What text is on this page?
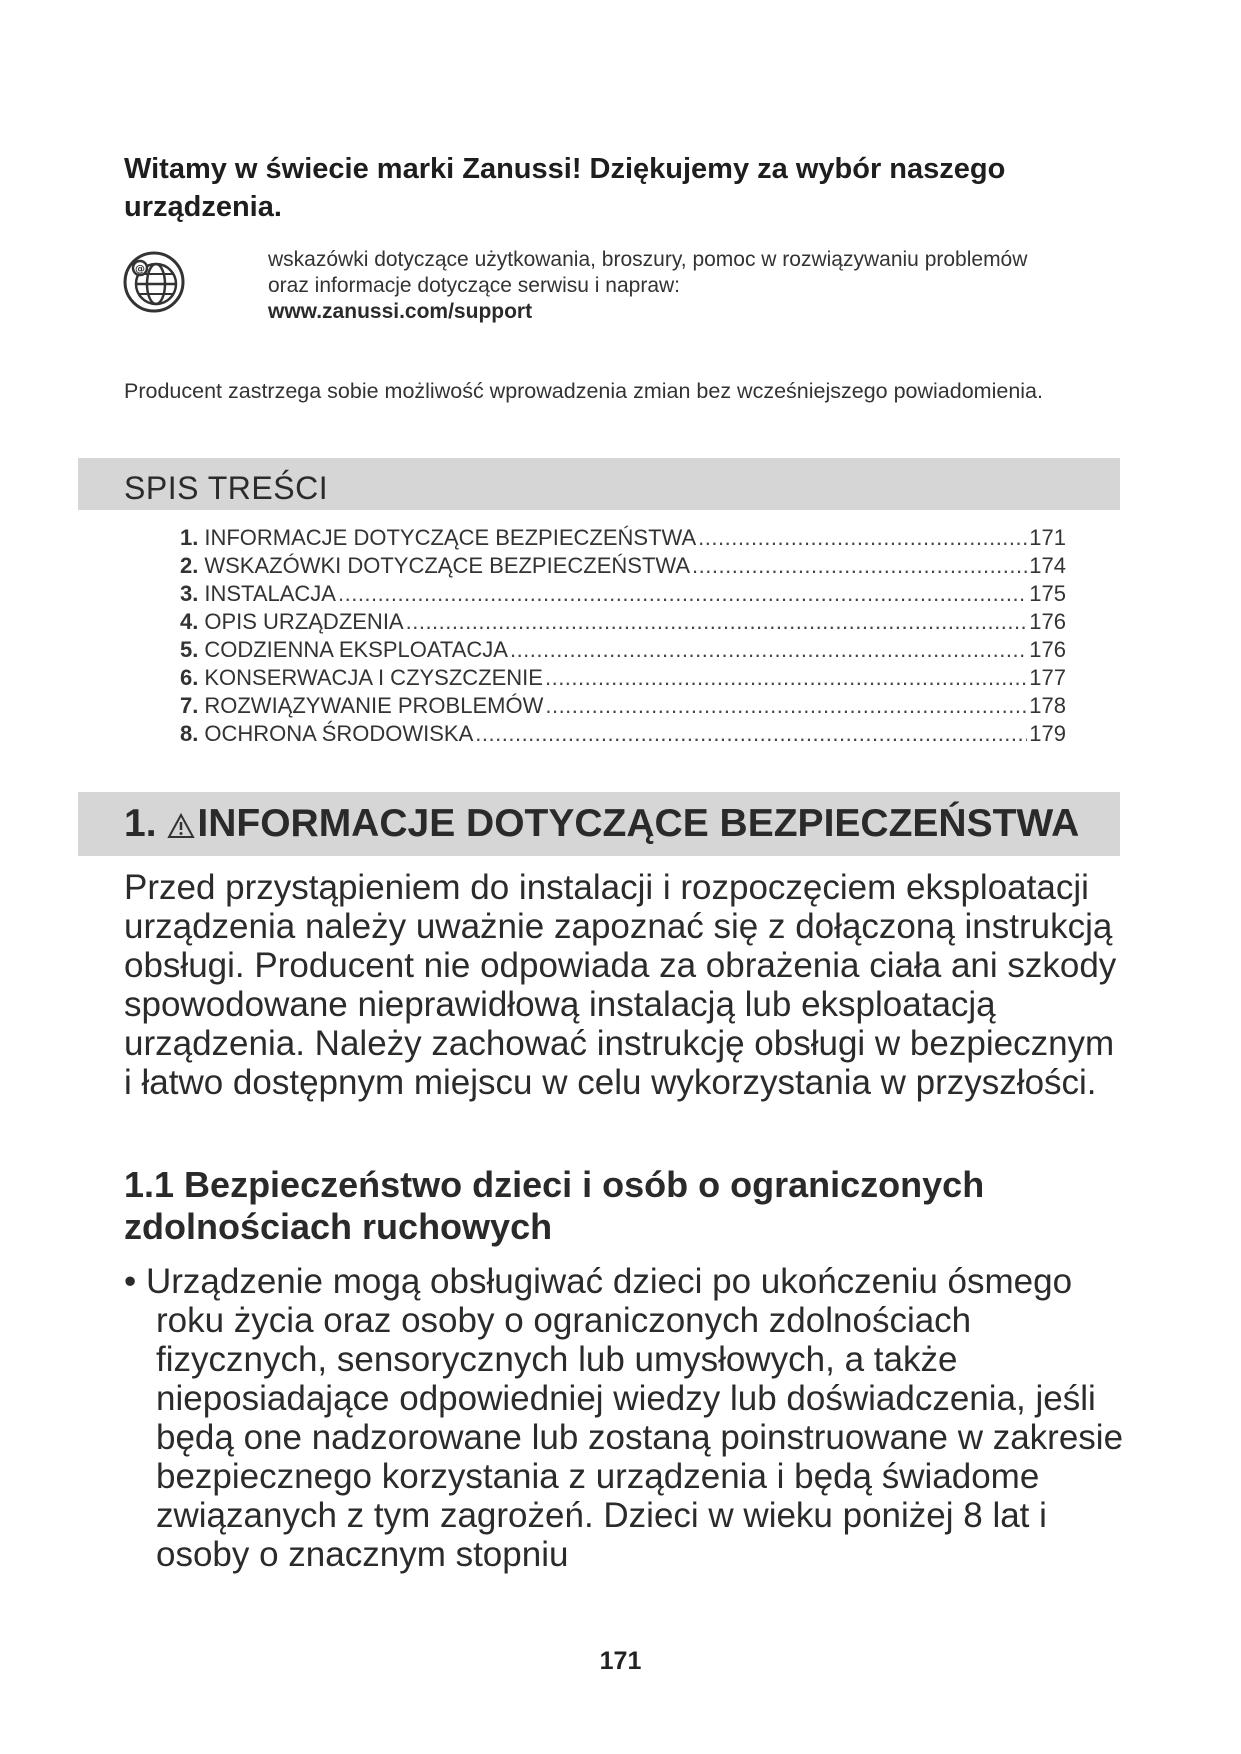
Witamy w świecie marki Zanussi! Dziękujemy za wybór naszego urządzenia.
@	wskazówki dotyczące użytkowania, broszury, pomoc w rozwiązywaniu problemów
oraz informacje dotyczące serwisu i napraw:
www.zanussi.com/support
Producent zastrzega sobie możliwość wprowadzenia zmian bez wcześniejszego powiadomienia.
SPIS TREŚCI
1. INFORMACJE DOTYCZĄCE BEZPIECZEŃSTWA .....	171
2. WSKAZÓWKI DOTYCZĄCE BEZPIECZEŃSTWA .....	174
3. INSTALACJA .....	175
4. OPIS URZĄDZENIA .....	176
5. CODZIENNA EKSPLOATACJA .....	176
6. KONSERWACJA I CZYSZCZENIE .....	177
7. ROZWIĄZYWANIE PROBLEMÓW .....	178
8. OCHRONA ŚRODOWISKA .....	179
1. INFORMACJE DOTYCZĄCE BEZPIECZEŃSTWA
Przed przystąpieniem do instalacji i rozpoczęciem eksploatacji urządzenia należy uważnie zapoznać się z dołączoną instrukcją obsługi. Producent nie odpowiada za obrażenia ciała ani szkody spowodowane nieprawidłową instalacją lub eksploatacją urządzenia. Należy zachować instrukcję obsługi w bezpiecznym i łatwo dostępnym miejscu w celu wykorzystania w przyszłości.
1.1 Bezpieczeństwo dzieci i osób o ograniczonych zdolnościach ruchowych
• Urządzenie mogą obsługiwać dzieci po ukończeniu ósmego roku życia oraz osoby o ograniczonych zdolnościach fizycznych, sensorycznych lub umysłowych, a także nieposiadające odpowiedniej wiedzy lub doświadczenia, jeśli będą one nadzorowane lub zostaną poinstruowane w zakresie bezpiecznego korzystania z urządzenia i będą świadome związanych z tym zagrożeń. Dzieci w wieku poniżej 8 lat i osoby o znacznym stopniu
171
